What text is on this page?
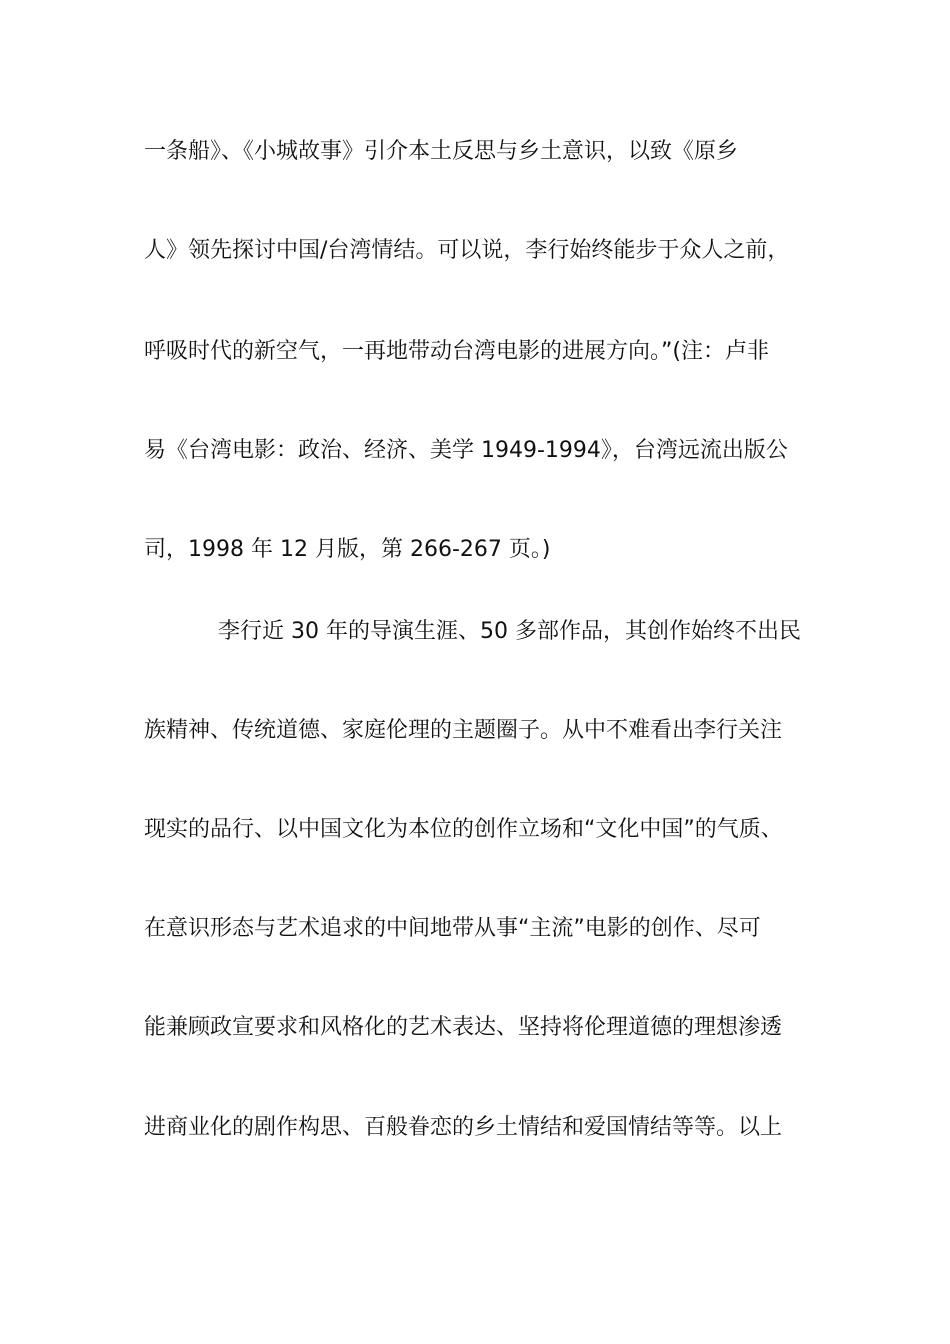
一条船》、《小城故事》引介本土反思与乡土意识，以致《原乡
人》领先探讨中国/台湾情结。可以说，李行始终能步于众人之前，
呼吸时代的新空气，一再地带动台湾电影的进展方向。”(注：卢非
易《台湾电影：政治、经济、美学 1949-1994》，台湾远流出版公
司，1998 年 12 月版，第 266-267 页。)
李行近 30 年的导演生涯、50 多部作品，其创作始终不出民
族精神、传统道德、家庭伦理的主题圈子。从中不难看出李行关注
现实的品行、以中国文化为本位的创作立场和“文化中国”的气质、
在意识形态与艺术追求的中间地带从事“主流”电影的创作、尽可
能兼顾政宣要求和风格化的艺术表达、坚持将伦理道德的理想渗透
进商业化的剧作构思、百般眷恋的乡土情结和爱国情结等等。以上
